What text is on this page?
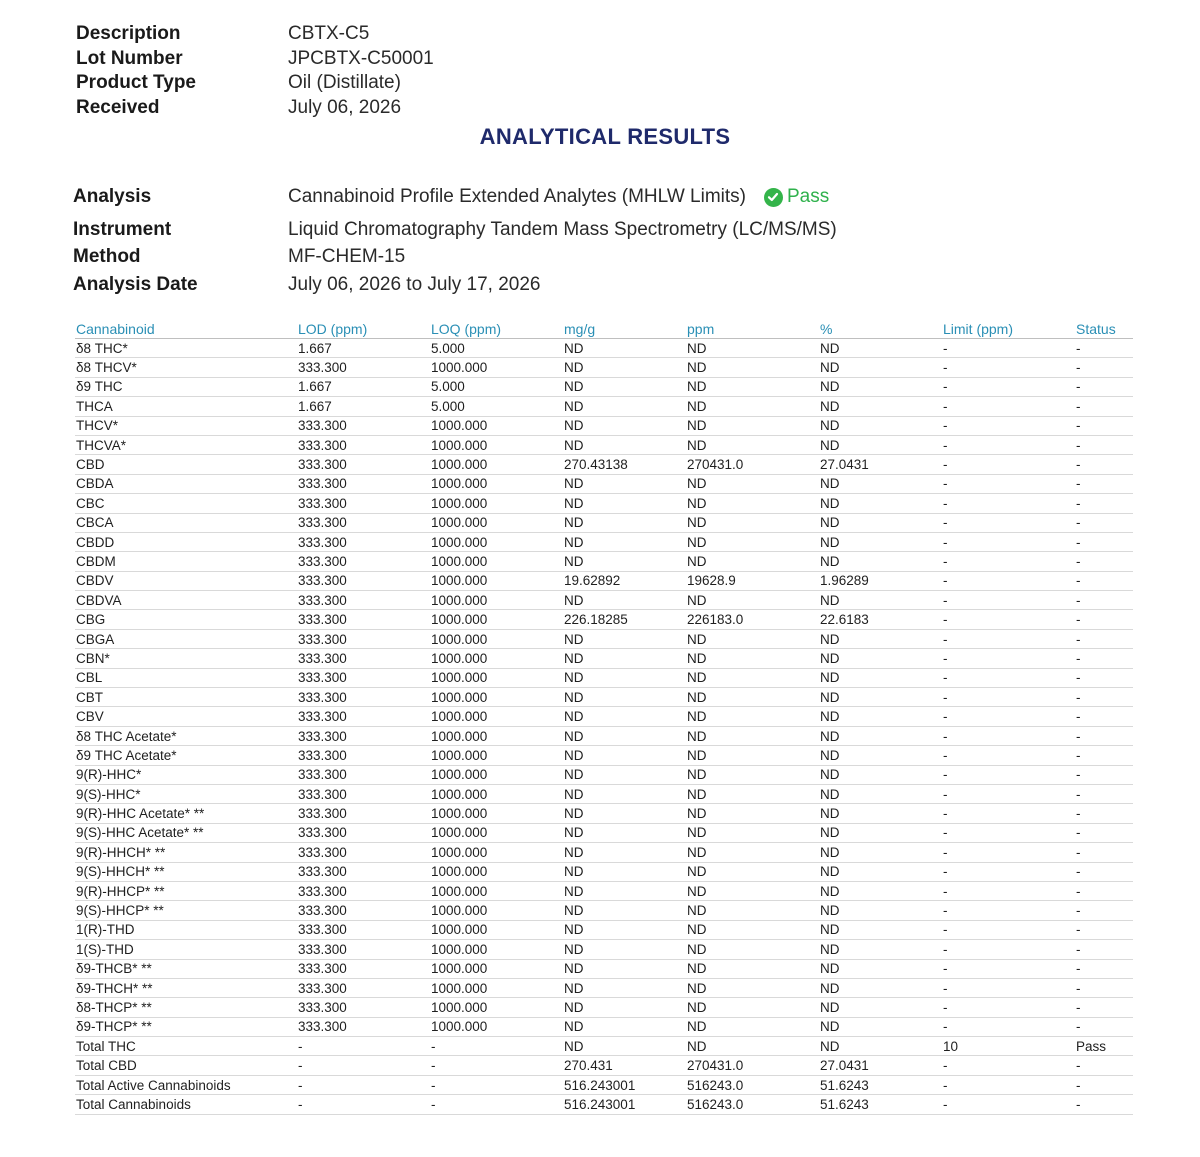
Description	CBTX-C5
Lot Number	JPCBTX-C50001
Product Type	Oil (Distillate)
Received	July 06, 2026
ANALYTICAL RESULTS
Analysis	Cannabinoid Profile Extended Analytes (MHLW Limits) Pass
Instrument	Liquid Chromatography Tandem Mass Spectrometry (LC/MS/MS)
Method	MF-CHEM-15
Analysis Date	July 06, 2026 to July 17, 2026
Cannabinoid	LOD (ppm)	LOQ (ppm)	mg/g	ppm	%	Limit (ppm)	Status
δ8 THC*	1.667	5.000	ND	ND	ND	-	-
δ8 THCV*	333.300	1000.000	ND	ND	ND	-	-
δ9 THC	1.667	5.000	ND	ND	ND	-	-
THCA	1.667	5.000	ND	ND	ND	-	-
THCV*	333.300	1000.000	ND	ND	ND	-	-
THCVA*	333.300	1000.000	ND	ND	ND	-	-
CBD	333.300	1000.000	270.43138	270431.0	27.0431	-	-
CBDA	333.300	1000.000	ND	ND	ND	-	-
CBC	333.300	1000.000	ND	ND	ND	-	-
CBCA	333.300	1000.000	ND	ND	ND	-	-
CBDD	333.300	1000.000	ND	ND	ND	-	-
CBDM	333.300	1000.000	ND	ND	ND	-	-
CBDV	333.300	1000.000	19.62892	19628.9	1.96289	-	-
CBDVA	333.300	1000.000	ND	ND	ND	-	-
CBG	333.300	1000.000	226.18285	226183.0	22.6183	-	-
CBGA	333.300	1000.000	ND	ND	ND	-	-
CBN*	333.300	1000.000	ND	ND	ND	-	-
CBL	333.300	1000.000	ND	ND	ND	-	-
CBT	333.300	1000.000	ND	ND	ND	-	-
CBV	333.300	1000.000	ND	ND	ND	-	-
δ8 THC Acetate*	333.300	1000.000	ND	ND	ND	-	-
δ9 THC Acetate*	333.300	1000.000	ND	ND	ND	-	-
9(R)-HHC*	333.300	1000.000	ND	ND	ND	-	-
9(S)-HHC*	333.300	1000.000	ND	ND	ND	-	-
9(R)-HHC Acetate* **	333.300	1000.000	ND	ND	ND	-	-
9(S)-HHC Acetate* **	333.300	1000.000	ND	ND	ND	-	-
9(R)-HHCH* **	333.300	1000.000	ND	ND	ND	-	-
9(S)-HHCH* **	333.300	1000.000	ND	ND	ND	-	-
9(R)-HHCP* **	333.300	1000.000	ND	ND	ND	-	-
9(S)-HHCP* **	333.300	1000.000	ND	ND	ND	-	-
1(R)-THD	333.300	1000.000	ND	ND	ND	-	-
1(S)-THD	333.300	1000.000	ND	ND	ND	-	-
δ9-THCB* **	333.300	1000.000	ND	ND	ND	-	-
δ9-THCH* **	333.300	1000.000	ND	ND	ND	-	-
δ8-THCP* **	333.300	1000.000	ND	ND	ND	-	-
δ9-THCP* **	333.300	1000.000	ND	ND	ND	-	-
Total THC	-	-	ND	ND	ND	10	Pass
Total CBD	-	-	270.431	270431.0	27.0431	-	-
Total Active Cannabinoids	-	-	516.243001	516243.0	51.6243	-	-
Total Cannabinoids	-	-	516.243001	516243.0	51.6243	-	-
